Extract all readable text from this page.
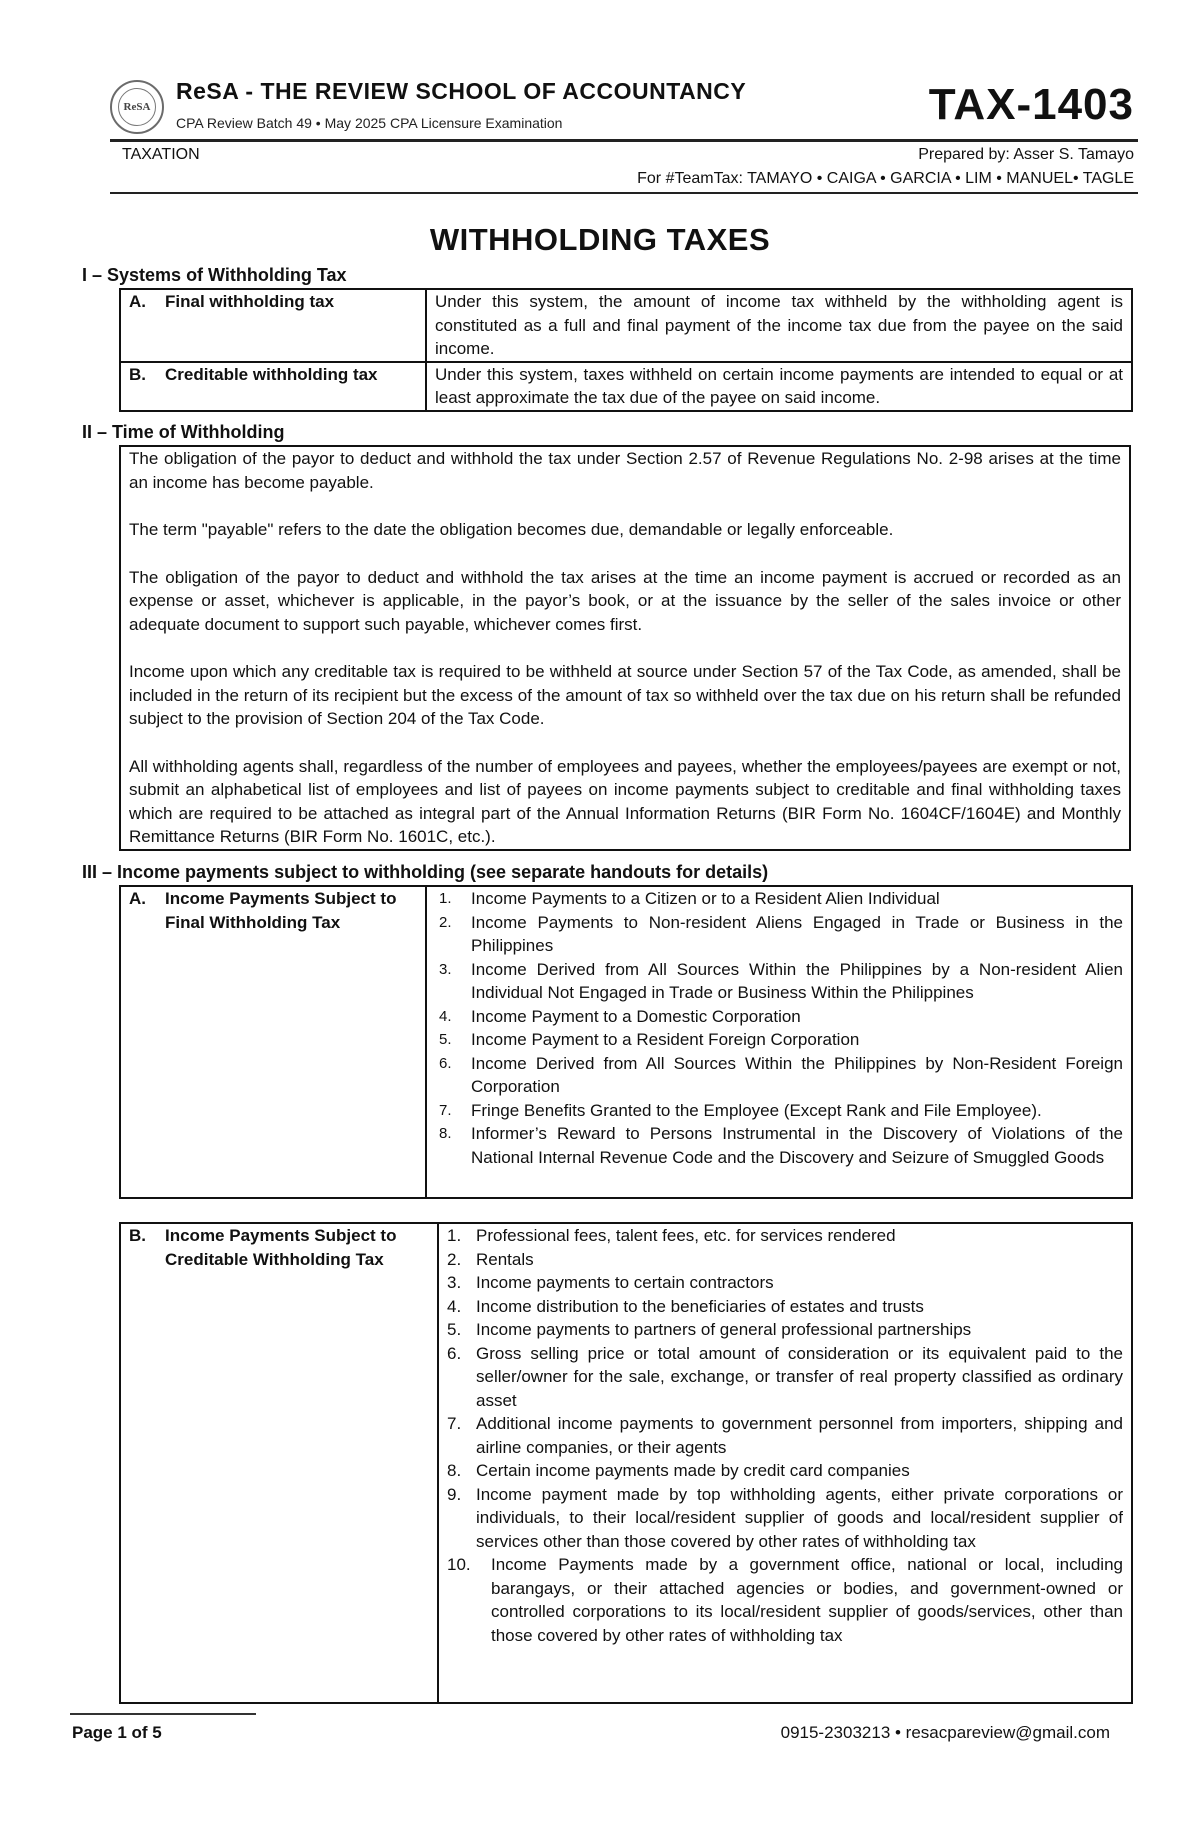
ReSA
ReSA - THE REVIEW SCHOOL OF ACCOUNTANCY
CPA Review Batch 49 • May 2025 CPA Licensure Examination	TAX-1403
TAXATION	Prepared by: Asser S. Tamayo
For #TeamTax: TAMAYO • CAIGA • GARCIA • LIM • MANUEL• TAGLE
WITHHOLDING TAXES
I – Systems of Withholding Tax
A. Final withholding tax	Under this system, the amount of income tax withheld by the withholding agent is constituted as a full and final payment of the income tax due from the payee on the said income.

B. Creditable withholding tax	Under this system, taxes withheld on certain income payments are intended to equal or at least approximate the tax due of the payee on said income.
II – Time of Withholding

The obligation of the payor to deduct and withhold the tax under Section 2.57 of Revenue Regulations No. 2-98 arises at the time an income has become payable.

The term "payable" refers to the date the obligation becomes due, demandable or legally enforceable.

The obligation of the payor to deduct and withhold the tax arises at the time an income payment is accrued or recorded as an expense or asset, whichever is applicable, in the payor’s book, or at the issuance by the seller of the sales invoice or other adequate document to support such payable, whichever comes first.

Income upon which any creditable tax is required to be withheld at source under Section 57 of the Tax Code, as amended, shall be included in the return of its recipient but the excess of the amount of tax so withheld over the tax due on his return shall be refunded subject to the provision of Section 204 of the Tax Code.

All withholding agents shall, regardless of the number of employees and payees, whether the employees/payees are exempt or not, submit an alphabetical list of employees and list of payees on income payments subject to creditable and final withholding taxes which are required to be attached as integral part of the Annual Information Returns (BIR Form No. 1604CF/1604E) and Monthly Remittance Returns (BIR Form No. 1601C, etc.).

III – Income payments subject to withholding (see separate handouts for details)
A.	Income Payments Subject to Final Withholding Tax

1.	Income Payments to a Citizen or to a Resident Alien Individual
2.	Income Payments to Non-resident Aliens Engaged in Trade or Business in the Philippines
3.	Income Derived from All Sources Within the Philippines by a Non-resident Alien Individual Not Engaged in Trade or Business Within the Philippines
4.	Income Payment to a Domestic Corporation
5.	Income Payment to a Resident Foreign Corporation
6.	Income Derived from All Sources Within the Philippines by Non-Resident Foreign Corporation
7.	Fringe Benefits Granted to the Employee (Except Rank and File Employee).
8.	Informer’s Reward to Persons Instrumental in the Discovery of Violations of the National Internal Revenue Code and the Discovery and Seizure of Smuggled Goods
B.	Income Payments Subject to Creditable Withholding Tax

1. Professional fees, talent fees, etc. for services rendered
2. Rentals
3. Income payments to certain contractors
4. Income distribution to the beneficiaries of estates and trusts
5. Income payments to partners of general professional partnerships
6. Gross selling price or total amount of consideration or its equivalent paid to the seller/owner for the sale, exchange, or transfer of real property classified as ordinary asset
7. Additional income payments to government personnel from importers, shipping and airline companies, or their agents
8. Certain income payments made by credit card companies
9. Income payment made by top withholding agents, either private corporations or individuals, to their local/resident supplier of goods and local/resident supplier of services other than those covered by other rates of withholding tax
10.	Income Payments made by a government office, national or local, including barangays, or their attached agencies or bodies, and government-owned or controlled corporations to its local/resident supplier of goods/services, other than those covered by other rates of withholding tax
Page 1 of 5	0915-2303213 • resacpareview@gmail.com
